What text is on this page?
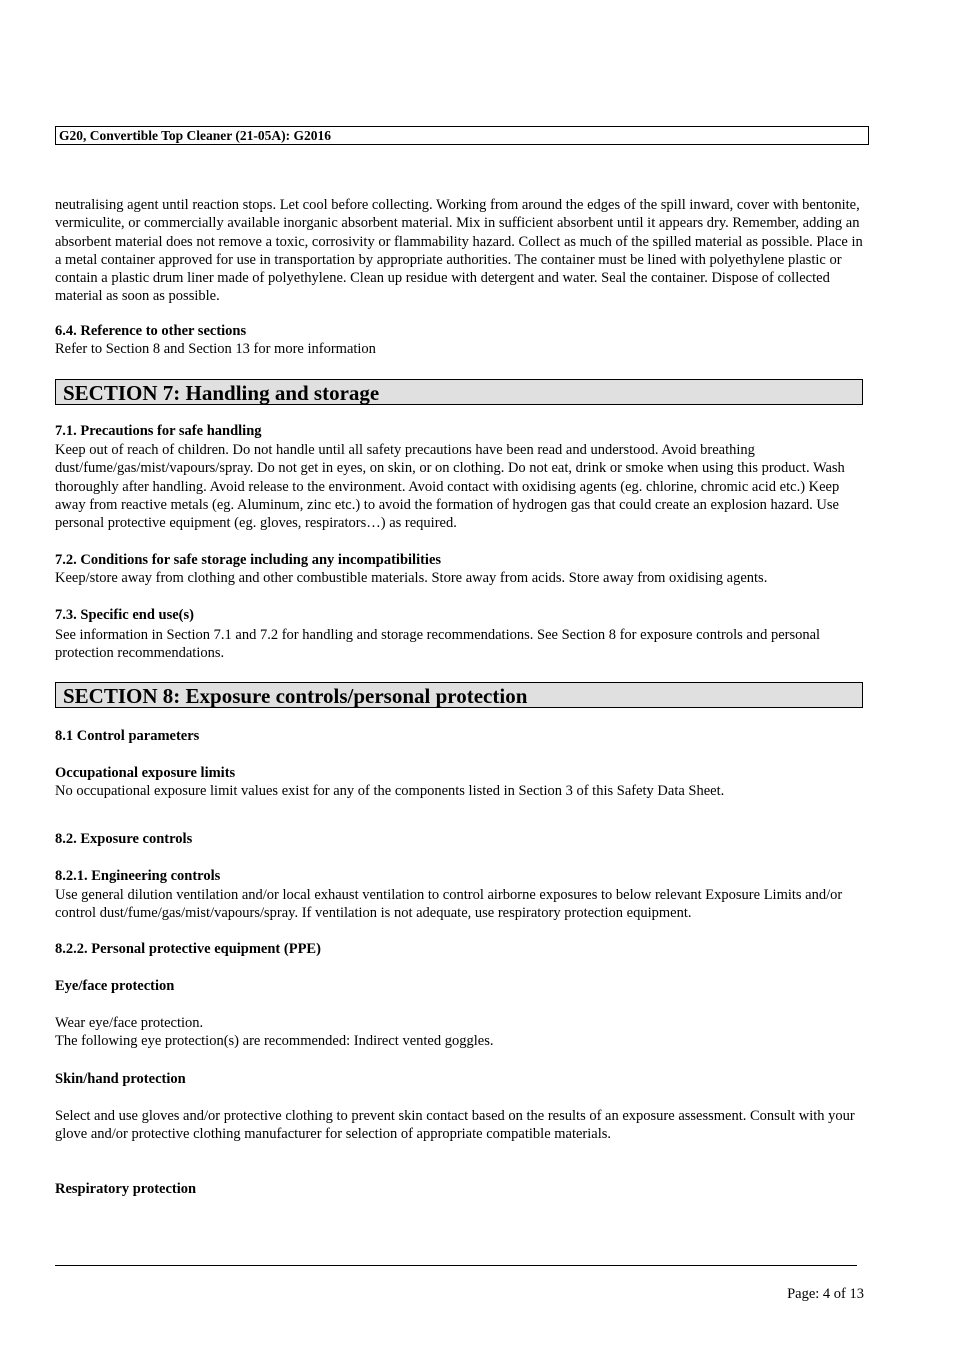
G20, Convertible Top Cleaner (21-05A): G2016
neutralising agent until reaction stops. Let cool before collecting. Working from around the edges of the spill inward, cover with bentonite, vermiculite, or commercially available inorganic absorbent material. Mix in sufficient absorbent until it appears dry. Remember, adding an absorbent material does not remove a toxic, corrosivity or flammability hazard. Collect as much of the spilled material as possible. Place in a metal container approved for use in transportation by appropriate authorities. The container must be lined with polyethylene plastic or contain a plastic drum liner made of polyethylene. Clean up residue with detergent and water. Seal the container. Dispose of collected material as soon as possible.
6.4. Reference to other sections
Refer to Section 8 and Section 13 for more information
SECTION 7: Handling and storage
7.1. Precautions for safe handling
Keep out of reach of children. Do not handle until all safety precautions have been read and understood. Avoid breathing dust/fume/gas/mist/vapours/spray. Do not get in eyes, on skin, or on clothing. Do not eat, drink or smoke when using this product. Wash thoroughly after handling. Avoid release to the environment. Avoid contact with oxidising agents (eg. chlorine, chromic acid etc.) Keep away from reactive metals (eg. Aluminum, zinc etc.) to avoid the formation of hydrogen gas that could create an explosion hazard. Use personal protective equipment (eg. gloves, respirators…) as required.
7.2. Conditions for safe storage including any incompatibilities
Keep/store away from clothing and other combustible materials. Store away from acids. Store away from oxidising agents.
7.3. Specific end use(s)
See information in Section 7.1 and 7.2 for handling and storage recommendations. See Section 8 for exposure controls and personal protection recommendations.
SECTION 8: Exposure controls/personal protection
8.1 Control parameters
Occupational exposure limits
No occupational exposure limit values exist for any of the components listed in Section 3 of this Safety Data Sheet.
8.2. Exposure controls
8.2.1. Engineering controls
Use general dilution ventilation and/or local exhaust ventilation to control airborne exposures to below relevant Exposure Limits and/or control dust/fume/gas/mist/vapours/spray. If ventilation is not adequate, use respiratory protection equipment.
8.2.2. Personal protective equipment (PPE)
Eye/face protection
Wear eye/face protection.
The following eye protection(s) are recommended: Indirect vented goggles.
Skin/hand protection
Select and use gloves and/or protective clothing to prevent skin contact based on the results of an exposure assessment. Consult with your glove and/or protective clothing manufacturer for selection of appropriate compatible materials.
Respiratory protection
Page: 4 of 13
